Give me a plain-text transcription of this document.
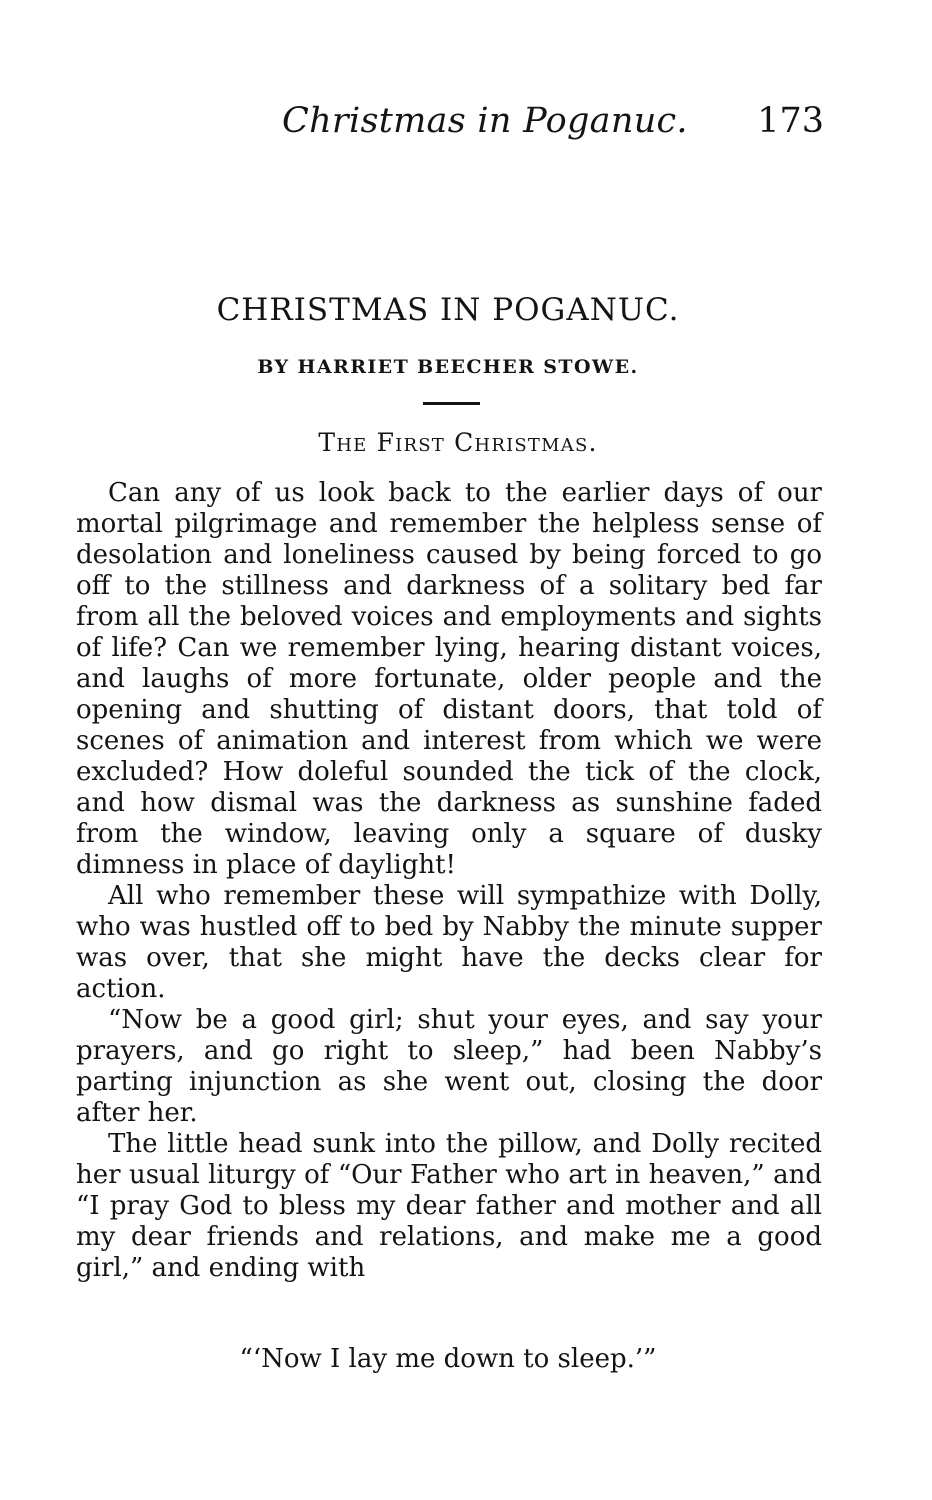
Christmas in Poganuc. 173
CHRISTMAS IN POGANUC.
BY HARRIET BEECHER STOWE.
The First Christmas.

Can any of us look back to the earlier days of our mortal pilgrimage and remember the helpless sense of desolation and loneliness caused by being forced to go off to the stillness and darkness of a solitary bed far from all the beloved voices and employments and sights of life? Can we remember lying, hearing distant voices, and laughs of more fortunate, older people and the opening and shutting of distant doors, that told of scenes of animation and interest from which we were excluded? How doleful sounded the tick of the clock, and how dismal was the darkness as sunshine faded from the window, leaving only a square of dusky dimness in place of daylight!

All who remember these will sympathize with Dolly, who was hustled off to bed by Nabby the minute supper was over, that she might have the decks clear for action.

“Now be a good girl; shut your eyes, and say your prayers, and go right to sleep,” had been Nabby’s parting injunction as she went out, closing the door after her.

The little head sunk into the pillow, and Dolly recited her usual liturgy of “Our Father who art in heaven,” and “I pray God to bless my dear father and mother and all my dear friends and relations, and make me a good girl,” and ending with

“‘Now I lay me down to sleep.’”
